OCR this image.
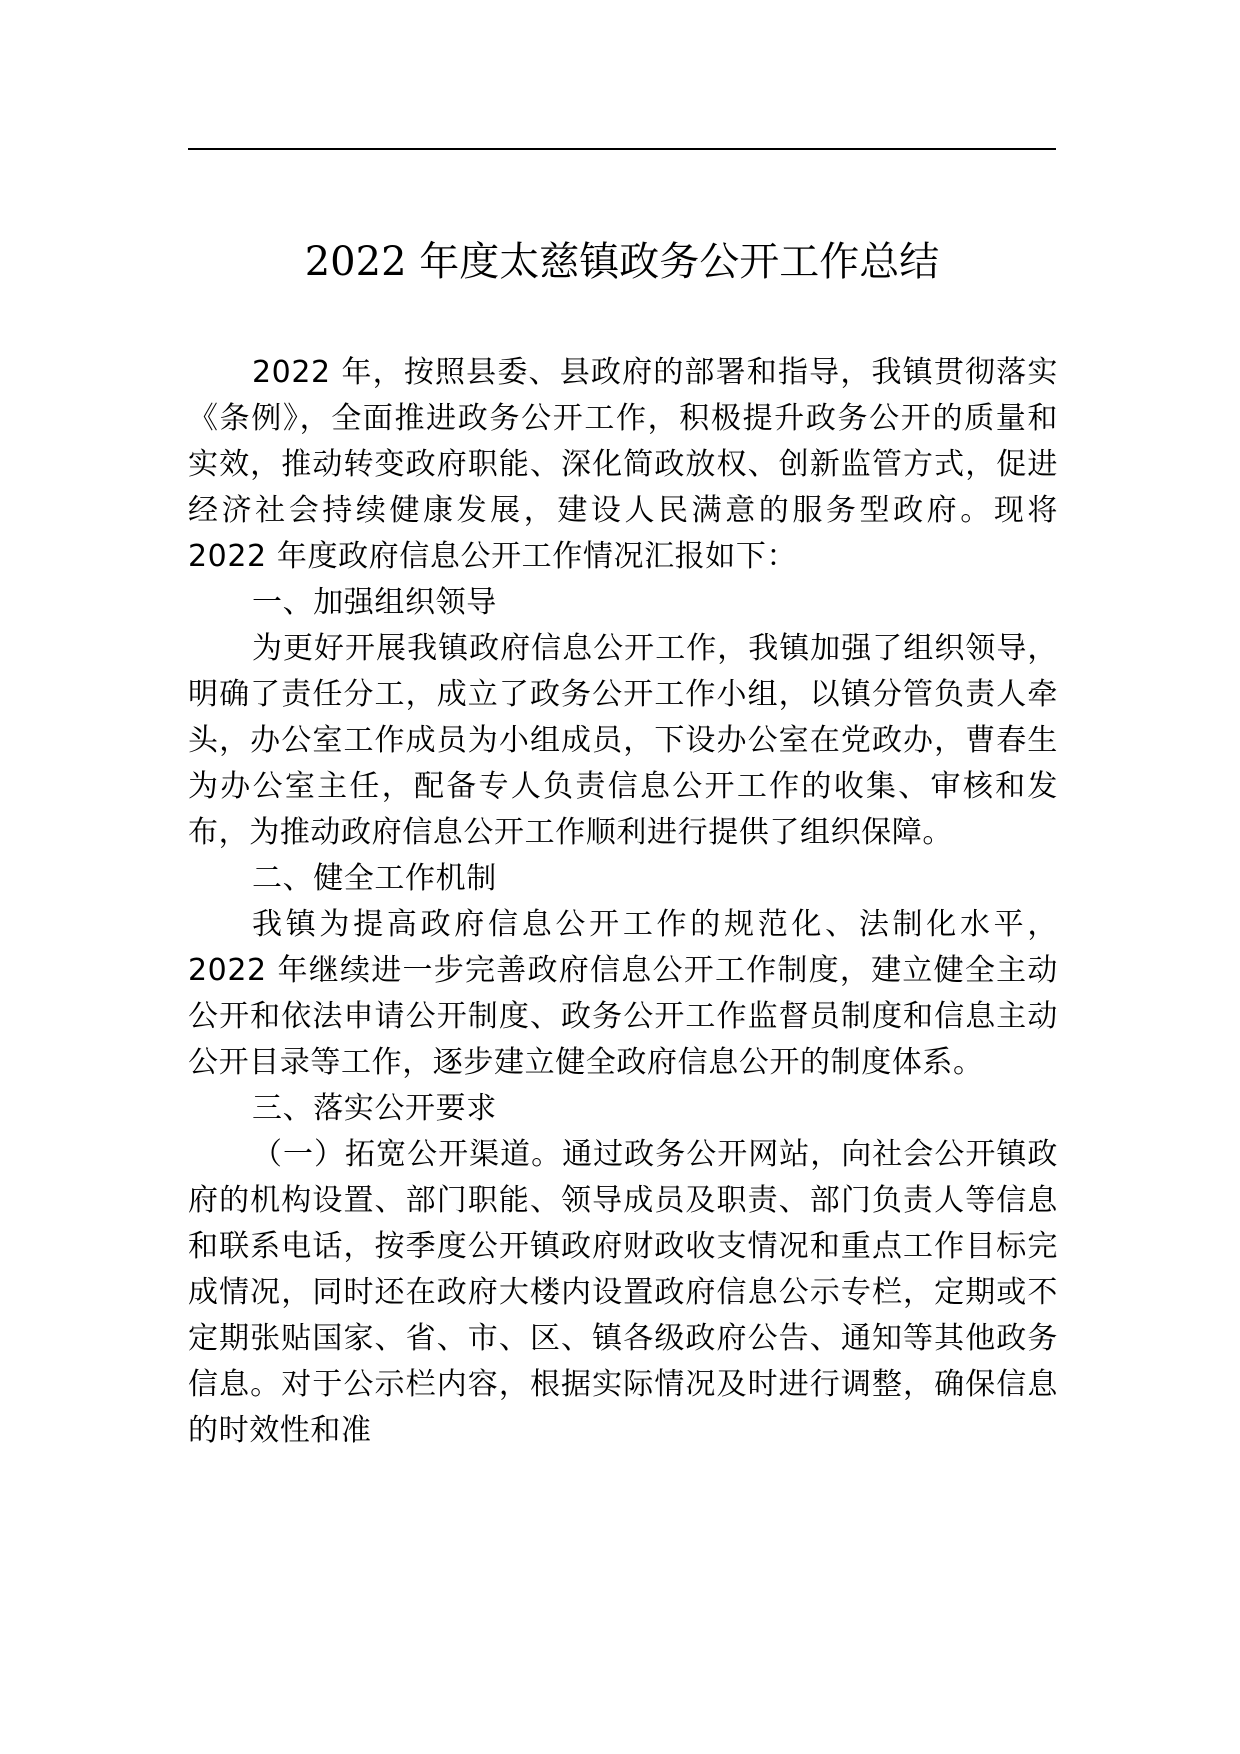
2022 年度太慈镇政务公开工作总结

2022 年，按照县委、县政府的部署和指导，我镇贯彻落实《条例》，全面推进政务公开工作，积极提升政务公开的质量和实效，推动转变政府职能、深化简政放权、创新监管方式，促进经济社会持续健康发展，建设人民满意的服务型政府。现将 2022 年度政府信息公开工作情况汇报如下：

一、加强组织领导

为更好开展我镇政府信息公开工作，我镇加强了组织领导，明确了责任分工，成立了政务公开工作小组，以镇分管负责人牵头，办公室工作成员为小组成员，下设办公室在党政办，曹春生为办公室主任，配备专人负责信息公开工作的收集、审核和发布，为推动政府信息公开工作顺利进行提供了组织保障。

二、健全工作机制

我镇为提高政府信息公开工作的规范化、法制化水平，2022 年继续进一步完善政府信息公开工作制度，建立健全主动公开和依法申请公开制度、政务公开工作监督员制度和信息主动公开目录等工作，逐步建立健全政府信息公开的制度体系。

三、落实公开要求

（一）拓宽公开渠道。通过政务公开网站，向社会公开镇政府的机构设置、部门职能、领导成员及职责、部门负责人等信息和联系电话，按季度公开镇政府财政收支情况和重点工作目标完成情况，同时还在政府大楼内设置政府信息公示专栏，定期或不定期张贴国家、省、市、区、镇各级政府公告、通知等其他政务信息。对于公示栏内容，根据实际情况及时进行调整，确保信息的时效性和准
